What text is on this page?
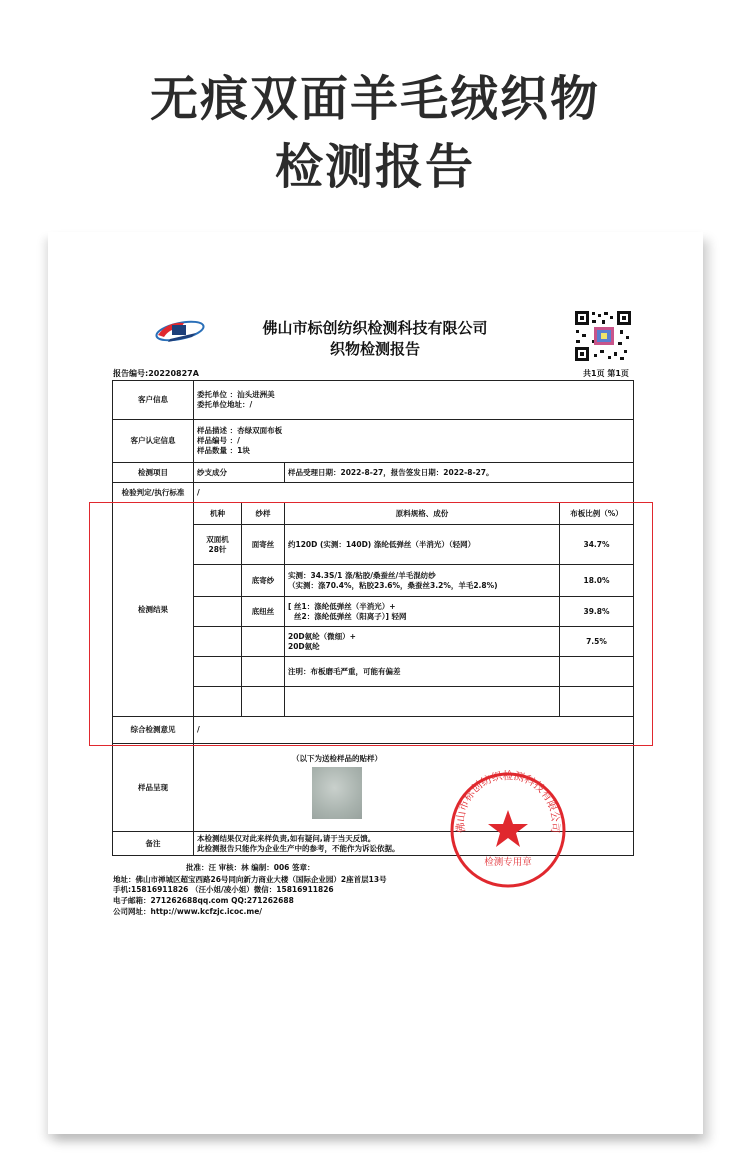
无痕双面羊毛绒织物
检测报告
佛山市标创纺织检测科技有限公司
织物检测报告
报告编号:20220827A	共1页 第1页
客户信息	委托单位 ：汕头进洲美
委托单位地址：/			

客户认定信息	样品描述 ：杏绿双面布板
样品编号 ：/
样品数量 ：1块			

检测项目	纱支成分		样品受理日期：2022-8-27，报告签发日期：2022-8-27。	
检验判定/执行标准	/			
检测结果	机种	纱样	原料规格、成份	布板比例（%）

	双面机
28针	面寄丝	约120D (实测：140D) 涤纶低弹丝（半消光）（轻网）	34.7%
		底寄纱	实测：34.3S/1 涤/粘胶/桑蚕丝/羊毛混纺纱
（实测：涤70.4%，粘胶23.6%，桑蚕丝3.2%，羊毛2.8%)	18.0%
		底纽丝	[ 丝1：涤纶低弹丝（半消光）+
丝2：涤纶低弹丝（阳离子）] 轻网	39.8%

			20D氨纶（微细）+
20D氨纶	7.5%
			注明：布板磨毛严重，可能有偏差	

综合检测意见	/			
样品呈现	（以下为送检样品的贴样）			

备注	本检测结果仅对此来样负责,如有疑问,请于当天反馈。
此检测报告只能作为企业生产中的参考，不能作为诉讼依据。			
佛山市标创纺织检测科技有限公司
检测专用章
批准：汪 审核：林 编制：006 签章：
地址：佛山市禅城区超宝西路26号同向新力商业大楼（国际企业园）2座首层13号
手机:15816911826 （汪小姐/凌小姐）微信：15816911826
电子邮箱：271262688qq.com QQ:271262688
公司网址：http://www.kcfzjc.icoc.me/
